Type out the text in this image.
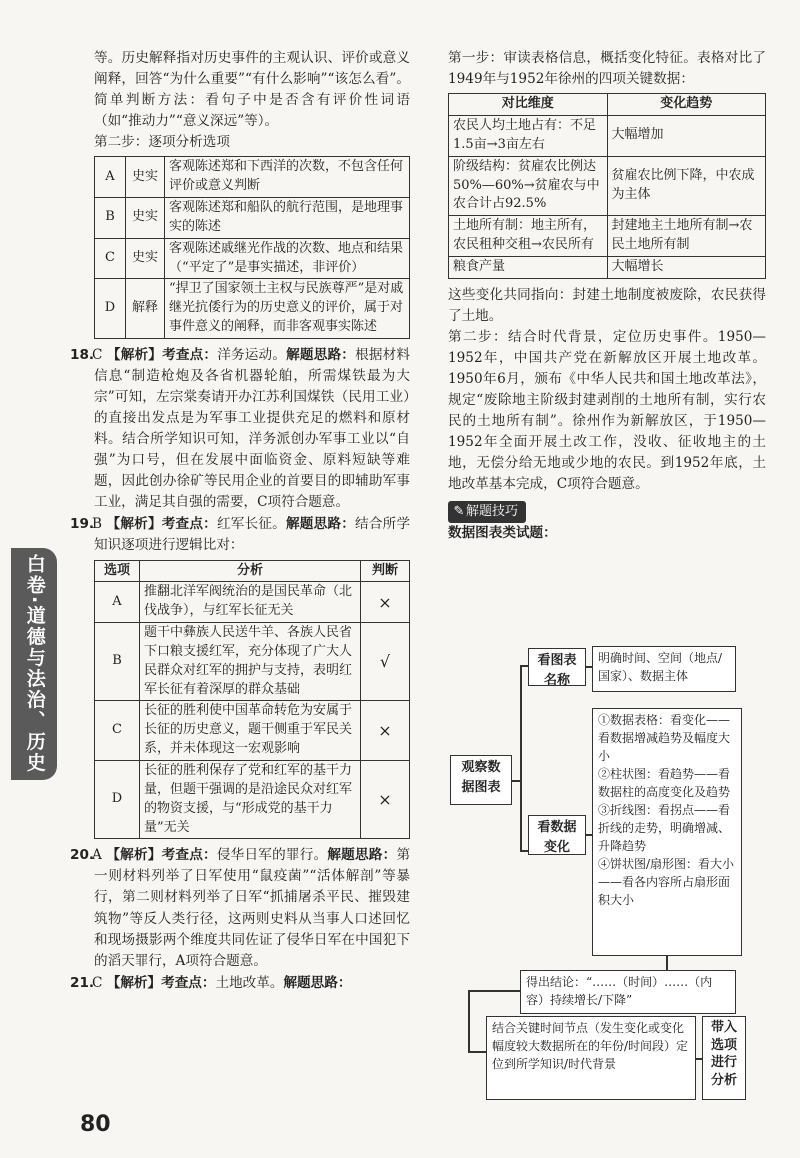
白卷·道德与法治、历史
80

等。历史解释指对历史事件的主观认识、评价或意义阐释，回答“为什么重要”“有什么影响”“该怎么看”。简单判断方法：看句子中是否含有评价性词语（如“推动力”“意义深远”等）。

第二步：逐项分析选项

A	史实	客观陈述郑和下西洋的次数，不包含任何评价或意义判断
B	史实	客观陈述郑和船队的航行范围，是地理事实的陈述
C	史实	客观陈述戚继光作战的次数、地点和结果（“平定了”是事实描述，非评价）
D	解释	“捍卫了国家领土主权与民族尊严”是对戚继光抗倭行为的历史意义的评价，属于对事件意义的阐释，而非客观事实陈述

18.C 【解析】考查点：洋务运动。解题思路：根据材料信息“制造枪炮及各省机器轮舶，所需煤铁最为大宗”可知，左宗棠奏请开办江苏利国煤铁（民用工业）的直接出发点是为军事工业提供充足的燃料和原材料。结合所学知识可知，洋务派创办军事工业以“自强”为口号，但在发展中面临资金、原料短缺等难题，因此创办徐矿等民用企业的首要目的即辅助军事工业，满足其自强的需要，C项符合题意。

19.B 【解析】考查点：红军长征。解题思路：结合所学知识逐项进行逻辑比对：

选项	分析	判断
A	推翻北洋军阀统治的是国民革命（北伐战争），与红军长征无关	×
B	题干中彝族人民送牛羊、各族人民省下口粮支援红军，充分体现了广大人民群众对红军的拥护与支持，表明红军长征有着深厚的群众基础	√
C	长征的胜利使中国革命转危为安属于长征的历史意义，题干侧重于军民关系，并未体现这一宏观影响	×
D	长征的胜利保存了党和红军的基干力量，但题干强调的是沿途民众对红军的物资支援，与“形成党的基干力量”无关	×

20.A 【解析】考查点：侵华日军的罪行。解题思路：第一则材料列举了日军使用“鼠疫菌”“活体解剖”等暴行，第二则材料列举了日军“抓捕屠杀平民、摧毁建筑物”等反人类行径，这两则史料从当事人口述回忆和现场摄影两个维度共同佐证了侵华日军在中国犯下的滔天罪行，A项符合题意。

21.C 【解析】考查点：土地改革。解题思路：

第一步：审读表格信息，概括变化特征。表格对比了1949年与1952年徐州的四项关键数据：

对比维度	变化趋势
农民人均土地占有：不足1.5亩→3亩左右	大幅增加
阶级结构：贫雇农比例达50%—60%→贫雇农与中农合计占92.5%	贫雇农比例下降，中农成为主体
土地所有制：地主所有，农民租种交租→农民所有	封建地主土地所有制→农民土地所有制
粮食产量	大幅增长

这些变化共同指向：封建土地制度被废除，农民获得了土地。

第二步：结合时代背景，定位历史事件。1950—1952年，中国共产党在新解放区开展土地改革。1950年6月，颁布《中华人民共和国土地改革法》，规定“废除地主阶级封建剥削的土地所有制，实行农民的土地所有制”。徐州作为新解放区，于1950—1952年全面开展土改工作，没收、征收地主的土地，无偿分给无地或少地的农民。到1952年底，土地改革基本完成，C项符合题意。

✎ 解题技巧

数据图表类试题：

观察数据图表
看图表名称
明确时间、空间（地点/国家）、数据主体
看数据变化
①数据表格：看变化——看数据增减趋势及幅度大小
②柱状图：看趋势——看数据柱的高度变化及趋势
③折线图：看拐点——看折线的走势，明确增减、升降趋势
④饼状图/扇形图：看大小——看各内容所占扇形面积大小
得出结论：“……（时间）……（内容）持续增长/下降”
结合关键时间节点（发生变化或变化幅度较大数据所在的年份/时间段）定位到所学知识/时代背景
带入选项进行分析
